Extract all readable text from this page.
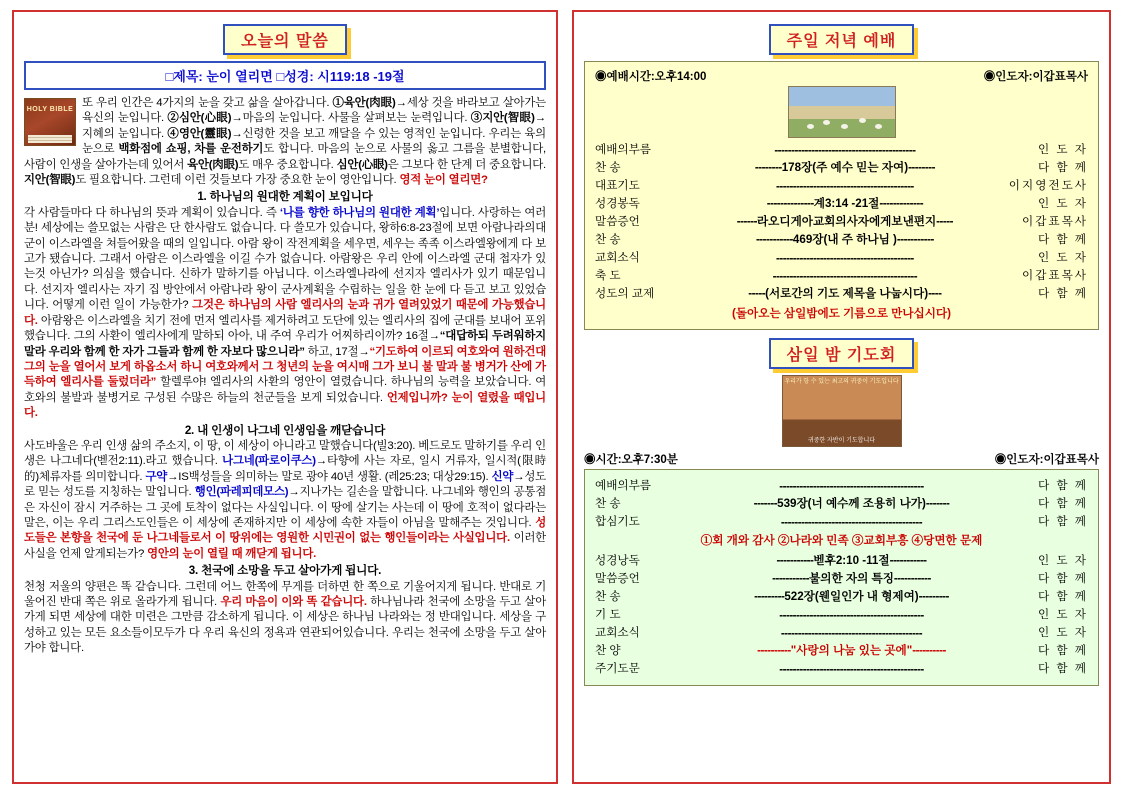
오늘의 말씀
□제목: 눈이 열리면 □성경: 시119:18 -19절
HOLY BIBLE

또 우리 인간은 4가지의 눈을 갖고 삶을 살아갑니다. ①육안(肉眼)→세상 것을 바라보고 살아가는 육신의 눈입니다. ②심안(心眼)→마음의 눈입니다. 사물을 살펴보는 눈력입니다. ③지안(智眼)→지혜의 눈입니다. ④영안(靈眼)→신령한 것을 보고 깨달을 수 있는 영적인 눈입니다. 우리는 육의 눈으로 백화점에 쇼핑, 차를 운전하기도 합니다. 마음의 눈으로 사물의 옳고 그름을 분별합니다, 사람이 인생을 살아가는데 있어서 육안(肉眼)도 매우 중요합니다. 심안(心眼)은 그보다 한 단계 더 중요합니다. 지안(智眼)도 필요합니다. 그런데 이런 것들보다 가장 중요한 눈이 영안입니다. 영적 눈이 열리면?

1. 하나님의 원대한 계획이 보입니다

각 사람들마다 다 하나님의 뜻과 계획이 있습니다. 즉 ‘나를 향한 하나님의 원대한 계획’입니다. 사랑하는 여러분! 세상에는 쓸모없는 사람은 단 한사람도 없습니다. 다 쓸모가 있습니다, 왕하6:8-23절에 보면 아람나라의대군이 이스라엘을 쳐들어왔을 때의 일입니다. 아람 왕이 작전계획을 세우면, 세우는 족족 이스라엘왕에게 다 보고가 됐습니다. 그래서 아람은 이스라엘을 이길 수가 없습니다. 아람왕은 우리 안에 이스라엘 군대 첩자가 있는것 아닌가? 의심을 했습니다. 신하가 말하기를 아닙니다. 이스라엘나라에 선지자 엘리사가 있기 때문입니다. 선지자 엘리사는 자기 집 방안에서 아람나라 왕이 군사계획을 수립하는 일을 한 눈에 다 듣고 보고 있었습니다. 어떻게 이런 일이 가능한가? 그것은 하나님의 사람 엘리사의 눈과 귀가 열려있었기 때문에 가능했습니다. 아람왕은 이스라엘을 치기 전에 먼저 엘리사를 제거하려고 도단에 있는 엘리사의 집에 군대를 보내어 포위했습니다. 그의 사환이 엘리사에게 말하되 아아, 내 주여 우리가 어찌하리이까? 16절→“대답하되 두려워하지 말라 우리와 함께 한 자가 그들과 함께 한 자보다 많으니라” 하고, 17절→“기도하여 이르되 여호와여 원하건대 그의 눈을 열어서 보게 하옵소서 하니 여호와께서 그 청년의 눈을 여시매 그가 보니 불 말과 불 병거가 산에 가득하여 엘리사를 둘렀더라” 할렐루야! 엘리사의 사환의 영안이 열렸습니다. 하나님의 능력을 보았습니다. 여호와의 불발과 불병거로 구성된 수많은 하늘의 천군들을 보게 되었습니다. 언제입니까? 눈이 열렸을 때입니다.

2. 내 인생이 나그네 인생임을 깨닫습니다

사도바울은 우리 인생 삶의 주소지, 이 땅, 이 세상이 아니라고 말했습니다(빌3:20). 베드로도 말하기를 우리 인생은 나그네다(벧전2:11).라고 했습니다. 나그네(파로이쿠스)→타향에 사는 자로, 일시 거류자, 일시적(限時的)체류자를 의미합니다. 구약→IS백성들을 의미하는 말로 광야 40년 생활. (레25:23; 대상29:15). 신약→성도로 믿는 성도를 지칭하는 말입니다. 행인(파레피데모스)→지나가는 길손을 말합니다. 나그네와 행인의 공통점은 자신이 잠시 거주하는 그 곳에 토착이 없다는 사실입니다. 이 땅에 살기는 사는데 이 땅에 호적이 없다라는 말은, 이는 우리 그리스도인들은 이 세상에 존재하지만 이 세상에 속한 자들이 아님을 말해주는 것입니다. 성도들은 본향을 천국에 둔 나그네들로서 이 땅위에는 영원한 시민권이 없는 행인들이라는 사실입니다. 이러한 사실을 언제 알게되는가? 영안의 눈이 열릴 때 깨닫게 됩니다.

3. 천국에 소망을 두고 살아가게 됩니다.

천청 저울의 양편은 똑 같습니다. 그런데 어느 한쪽에 무게를 더하면 한 쪽으로 기울어지게 됩니다. 반대로 기울어진 반대 쪽은 위로 올라가게 됩니다. 우리 마음이 이와 똑 같습니다. 하나님나라 천국에 소망을 두고 살아가게 되면 세상에 대한 미련은 그만큼 감소하게 됩니다. 이 세상은 하나님 나라와는 정 반대입니다. 세상을 구성하고 있는 모든 요소들이모두가 다 우리 육신의 정욕과 연관되어있습니다. 우리는 천국에 소망을 두고 살아가야 합니다.

주일 저녁 예배
◉예배시간:오후14:00	◉인도자:이갑표목사
예배의부름	------------------------------------------	인 도 자
찬 송	--------178장(주 예수 믿는 자여)--------	다 함 께
대표기도	-----------------------------------------	이지영전도사
성경봉독	--------------계3:14 -21절-------------	인 도 자
말씀증언	------라오디게아교회의사자에게보낸편지-----	이갑표목사
찬 송	-----------469장(내 주 하나님 )-----------	다 함 께
교회소식	-----------------------------------------	인 도 자
축 도	-------------------------------------------	이갑표목사
성도의 교제	-----(서로간의 기도 제목을 나눕시다)----	다 함 께
(돌아오는 삼일밤에도 기름으로 만나십시다)
삼일 밤 기도회
우리가 항 수 있는 최고의 귀중이 기도입니다
귀중한 자반이 기도합니다
◉시간:오후7:30분	◉인도자:이갑표목사
예배의부름	-------------------------------------------	다 함 께
찬 송	-------539장(너 예수께 조용히 나가)-------	다 함 께
합심기도	------------------------------------------	다 함 께
①회 개와 감사 ②나라와 민족 ③교회부흥 ④당면한 문제
성경낭독	-----------벧후2:10 -11절-----------	인 도 자
말씀증언	-----------불의한 자의 특징-----------	다 함 께
찬 송	---------522장(웬일인가 내 형제여)---------	다 함 께
기 도	-------------------------------------------	인 도 자
교회소식	------------------------------------------	인 도 자
찬 양	----------"사랑의 나눔 있는 곳에"----------	다 함 께
주기도문	-------------------------------------------	다 함 께
